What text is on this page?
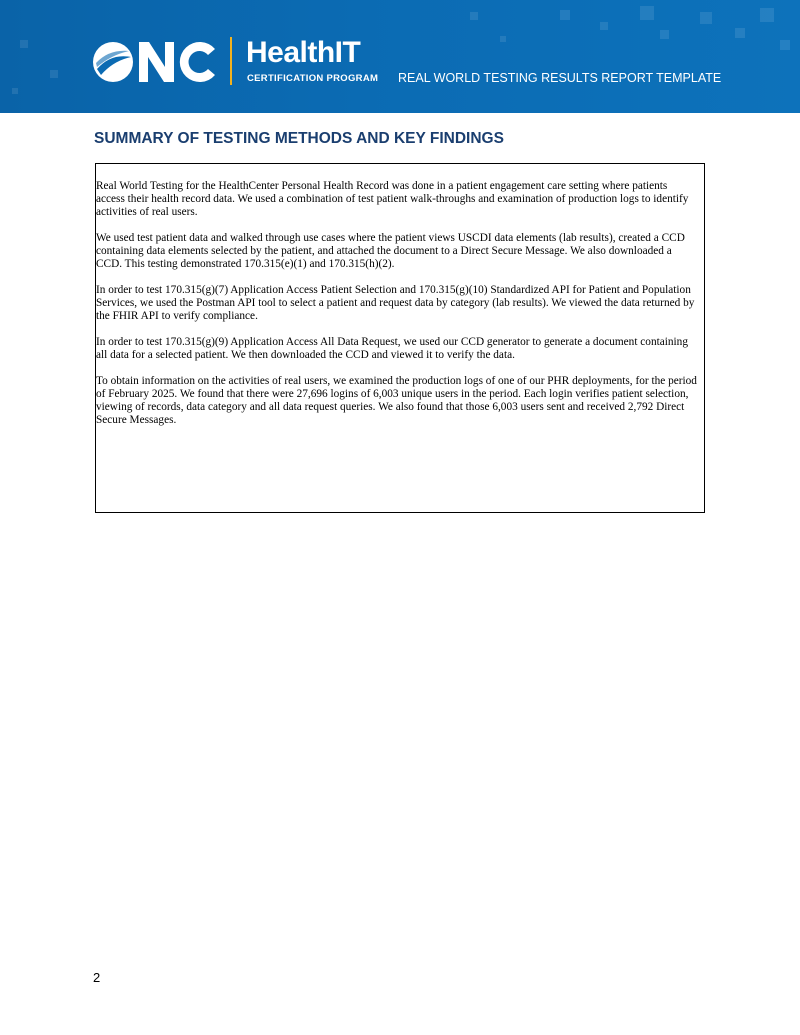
HealthIT
CERTIFICATION PROGRAM REAL WORLD TESTING RESULTS REPORT TEMPLATE
SUMMARY OF TESTING METHODS AND KEY FINDINGS

Real World Testing for the HealthCenter Personal Health Record was done in a patient engagement care setting where patients access their health record data. We used a combination of test patient walk-throughs and examination of production logs to identify activities of real users.

We used test patient data and walked through use cases where the patient views USCDI data elements (lab results), created a CCD containing data elements selected by the patient, and attached the document to a Direct Secure Message. We also downloaded a CCD. This testing demonstrated 170.315(e)(1) and 170.315(h)(2).

In order to test 170.315(g)(7) Application Access Patient Selection and 170.315(g)(10) Standardized API for Patient and Population Services, we used the Postman API tool to select a patient and request data by category (lab results). We viewed the data returned by the FHIR API to verify compliance.

In order to test 170.315(g)(9) Application Access All Data Request, we used our CCD generator to generate a document containing all data for a selected patient. We then downloaded the CCD and viewed it to verify the data.

To obtain information on the activities of real users, we examined the production logs of one of our PHR deployments, for the period of February 2025. We found that there were 27,696 logins of 6,003 unique users in the period. Each login verifies patient selection, viewing of records, data category and all data request queries. We also found that those 6,003 users sent and received 2,792 Direct Secure Messages.

2
